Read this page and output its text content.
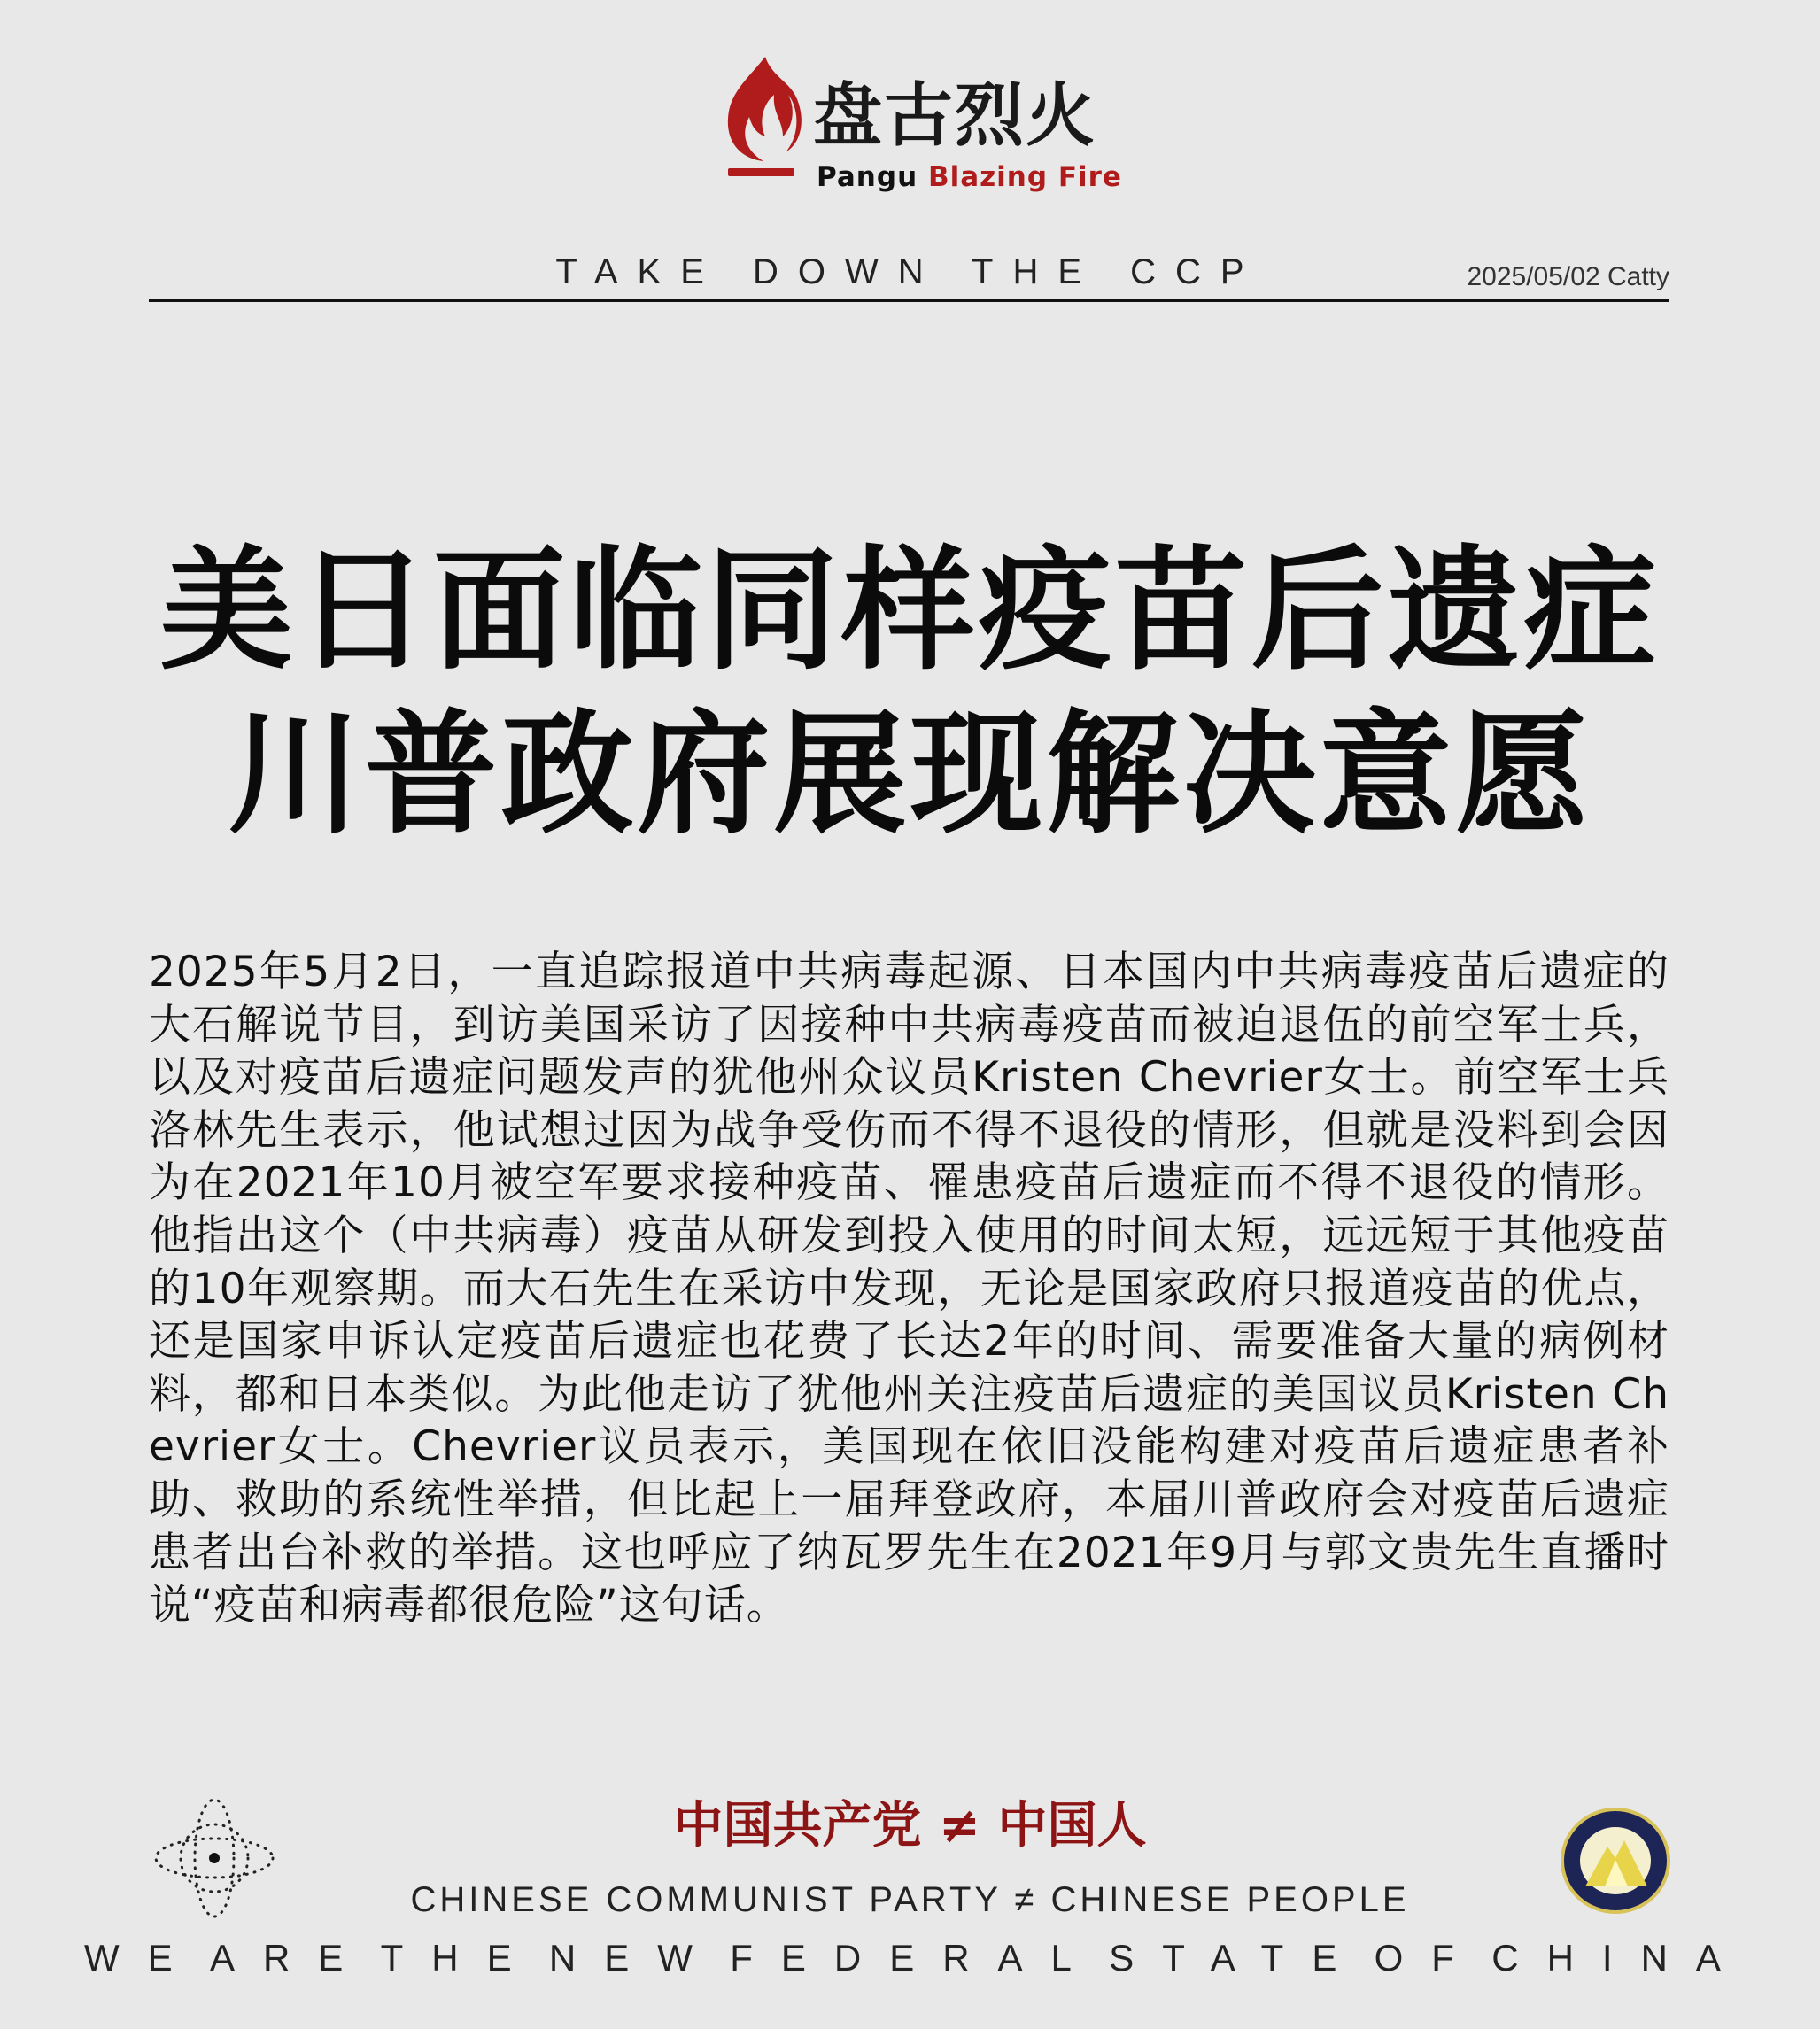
盘古烈火
Pangu Blazing Fire
TAKE DOWN THE CCP	2025/05/02 Catty
美日面临同样疫苗后遗症
川普政府展现解决意愿
2025年5月2日，一直追踪报道中共病毒起源、日本国内中共病毒疫苗后遗症的大石解说节目，到访美国采访了因接种中共病毒疫苗而被迫退伍的前空军士兵，以及对疫苗后遗症问题发声的犹他州众议员Kristen Chevrier女士。前空军士兵洛林先生表示，他试想过因为战争受伤而不得不退役的情形，但就是没料到会因为在2021年10月被空军要求接种疫苗、罹患疫苗后遗症而不得不退役的情形。他指出这个（中共病毒）疫苗从研发到投入使用的时间太短，远远短于其他疫苗的10年观察期。而大石先生在采访中发现，无论是国家政府只报道疫苗的优点，还是国家申诉认定疫苗后遗症也花费了长达2年的时间、需要准备大量的病例材料，都和日本类似。为此他走访了犹他州关注疫苗后遗症的美国议员Kristen Chevrier女士。Chevrier议员表示，美国现在依旧没能构建对疫苗后遗症患者补助、救助的系统性举措，但比起上一届拜登政府，本届川普政府会对疫苗后遗症患者出台补救的举措。这也呼应了纳瓦罗先生在2021年9月与郭文贵先生直播时说“疫苗和病毒都很危险”这句话。
中国共产党 ≠ 中国人
CHINESE COMMUNIST PARTY ≠ CHINESE PEOPLE
WE ARE THE NEW FEDERAL STATE OF CHINA
